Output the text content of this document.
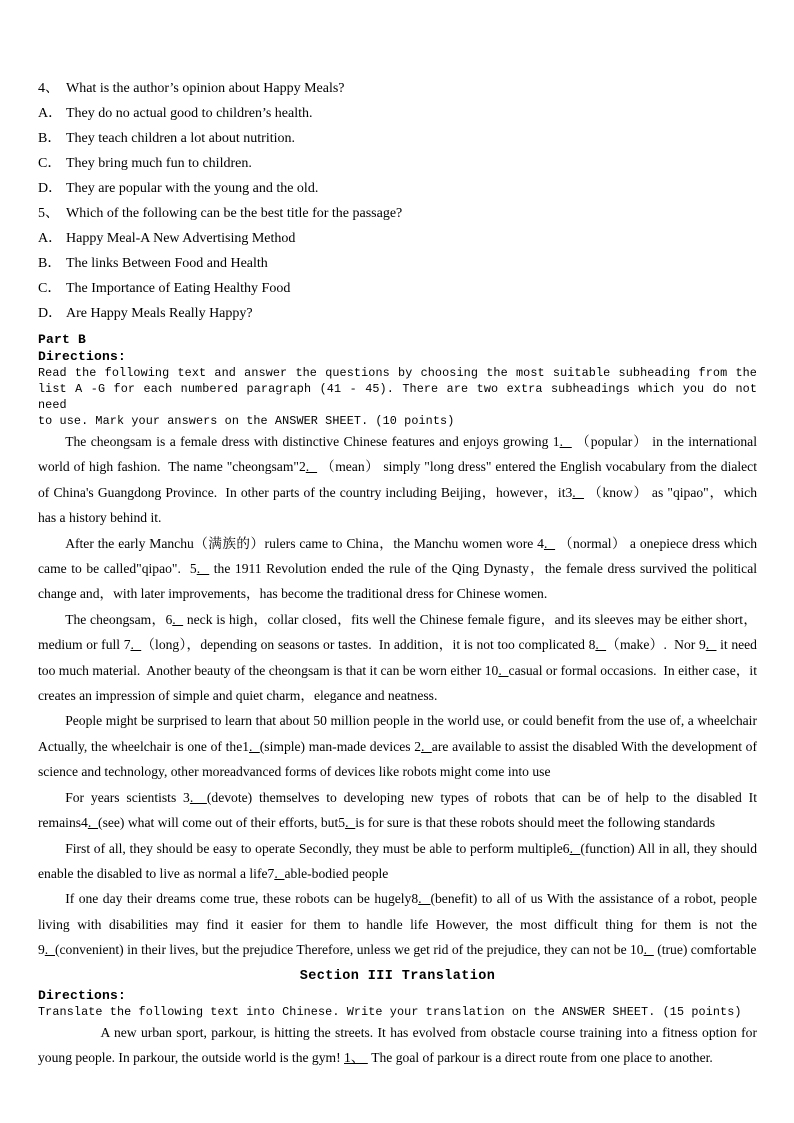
4、 What is the author’s opinion about Happy Meals?
A． They do no actual good to children’s health.
B． They teach children a lot about nutrition.
C． They bring much fun to children.
D． They are popular with the young and the old.
5、 Which of the following can be the best title for the passage?
A． Happy Meal-A New Advertising Method
B． The links Between Food and Health
C． The Importance of Eating Healthy Food
D． Are Happy Meals Really Happy?
Part B
Directions:
Read the following text and answer the questions by choosing the most suitable subheading from the
list A -G for each numbered paragraph (41 - 45). There are two extra subheadings which you do not need
to use. Mark your answers on the ANSWER SHEET. (10 points)

The cheongsam is a female dress with distinctive Chinese features and enjoys growing 1.   （popular） in the international world of high fashion.  The name "cheongsam"2.   （mean） simply "long dress" entered the English vocabulary from the dialect of China's Guangdong Province.  In other parts of the country including Beijing，however，it3.   （know） as "qipao"，which has a history behind it.

After the early Manchu（满族的）rulers came to China，the Manchu women wore 4.   （normal） a onepiece dress which came to be called"qipao".  5.   the 1911 Revolution ended the rule of the Qing Dynasty，the female dress survived the political change and，with later improvements，has become the traditional dress for Chinese women.

The cheongsam，6.   neck is high，collar closed，fits well the Chinese female figure，and its sleeves may be either short，medium or full 7.  （long），depending on seasons or tastes.  In addition，it is not too complicated 8.  （make）.  Nor 9.   it need too much material.  Another beauty of the cheongsam is that it can be worn either 10.  casual or formal occasions.  In either case，it creates an impression of simple and quiet charm，elegance and neatness.

People might be surprised to learn that about 50 million people in the world use, or could benefit from the use of, a wheelchair Actually, the wheelchair is one of the1.  (simple) man-made devices 2.  are available to assist the disabled With the development of science and technology, other moreadvanced forms of devices like robots might come into use

For years scientists 3.  (devote) themselves to developing new types of robots that can be of help to the disabled It remains4.  (see) what will come out of their efforts, but5.  is for sure is that these robots should meet the following standards

First of all, they should be easy to operate Secondly, they must be able to perform multiple6.  (function) All in all, they should enable the disabled to live as normal a life7.  able-bodied people

If one day their dreams come true, these robots can be hugely8.  (benefit) to all of us With the assistance of a robot, people living with disabilities may find it easier for them to handle life However, the most difficult thing for them is not the 9.  (convenient) in their lives, but the prejudice Therefore, unless we get rid of the prejudice, they can not be 10.   (true) comfortable

Section III Translation
Directions:
Translate the following text into Chinese. Write your translation on the ANSWER SHEET. (15 points)

A new urban sport, parkour, is hitting the streets. It has evolved from obstacle course training into a fitness option for young people. In parkour, the outside world is the gym! 1、  The goal of parkour is a direct route from one place to another.
